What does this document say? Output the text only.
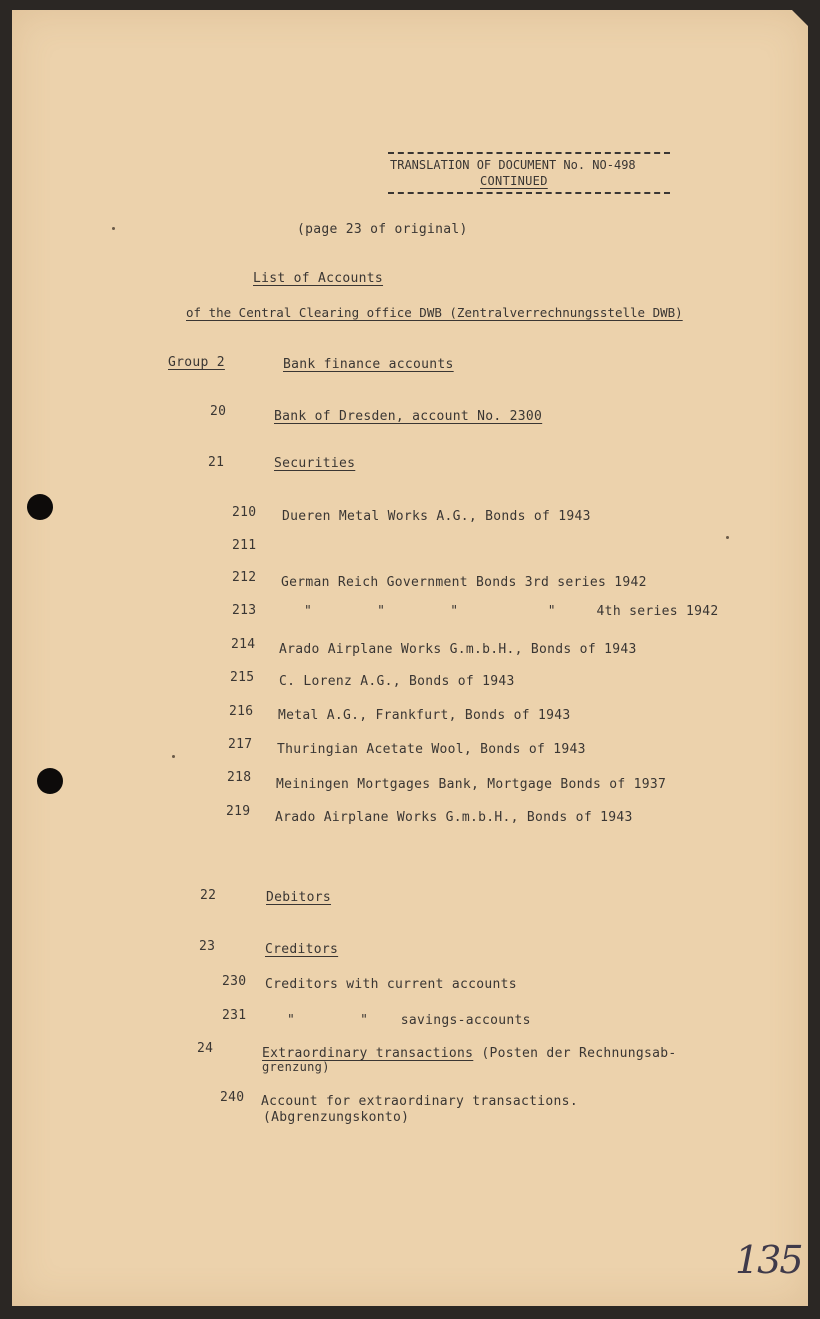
TRANSLATION OF DOCUMENT No. NO-498
CONTINUED
(page 23 of original)
List of Accounts
of the Central Clearing office DWB (Zentralverrechnungsstelle DWB)
Group 2	Bank finance accounts
20	Bank of Dresden, account No. 2300
21	Securities
210 Dueren Metal Works A.G., Bonds of 1943
211
212 German Reich Government Bonds 3rd series 1942
213	"        "        "           "     4th series 1942
214 Arado Airplane Works G.m.b.H., Bonds of 1943
215 C. Lorenz A.G., Bonds of 1943
216 Metal A.G., Frankfurt, Bonds of 1943
217 Thuringian Acetate Wool, Bonds of 1943
218 Meiningen Mortgages Bank, Mortgage Bonds of 1937
219 Arado Airplane Works G.m.b.H., Bonds of 1943
22	Debitors
23	Creditors
230 Creditors with current accounts
231	"        "    savings-accounts
24	Extraordinary transactions (Posten der Rechnungsab-
grenzung)
240 Account for extraordinary transactions.
(Abgrenzungskonto)
135
